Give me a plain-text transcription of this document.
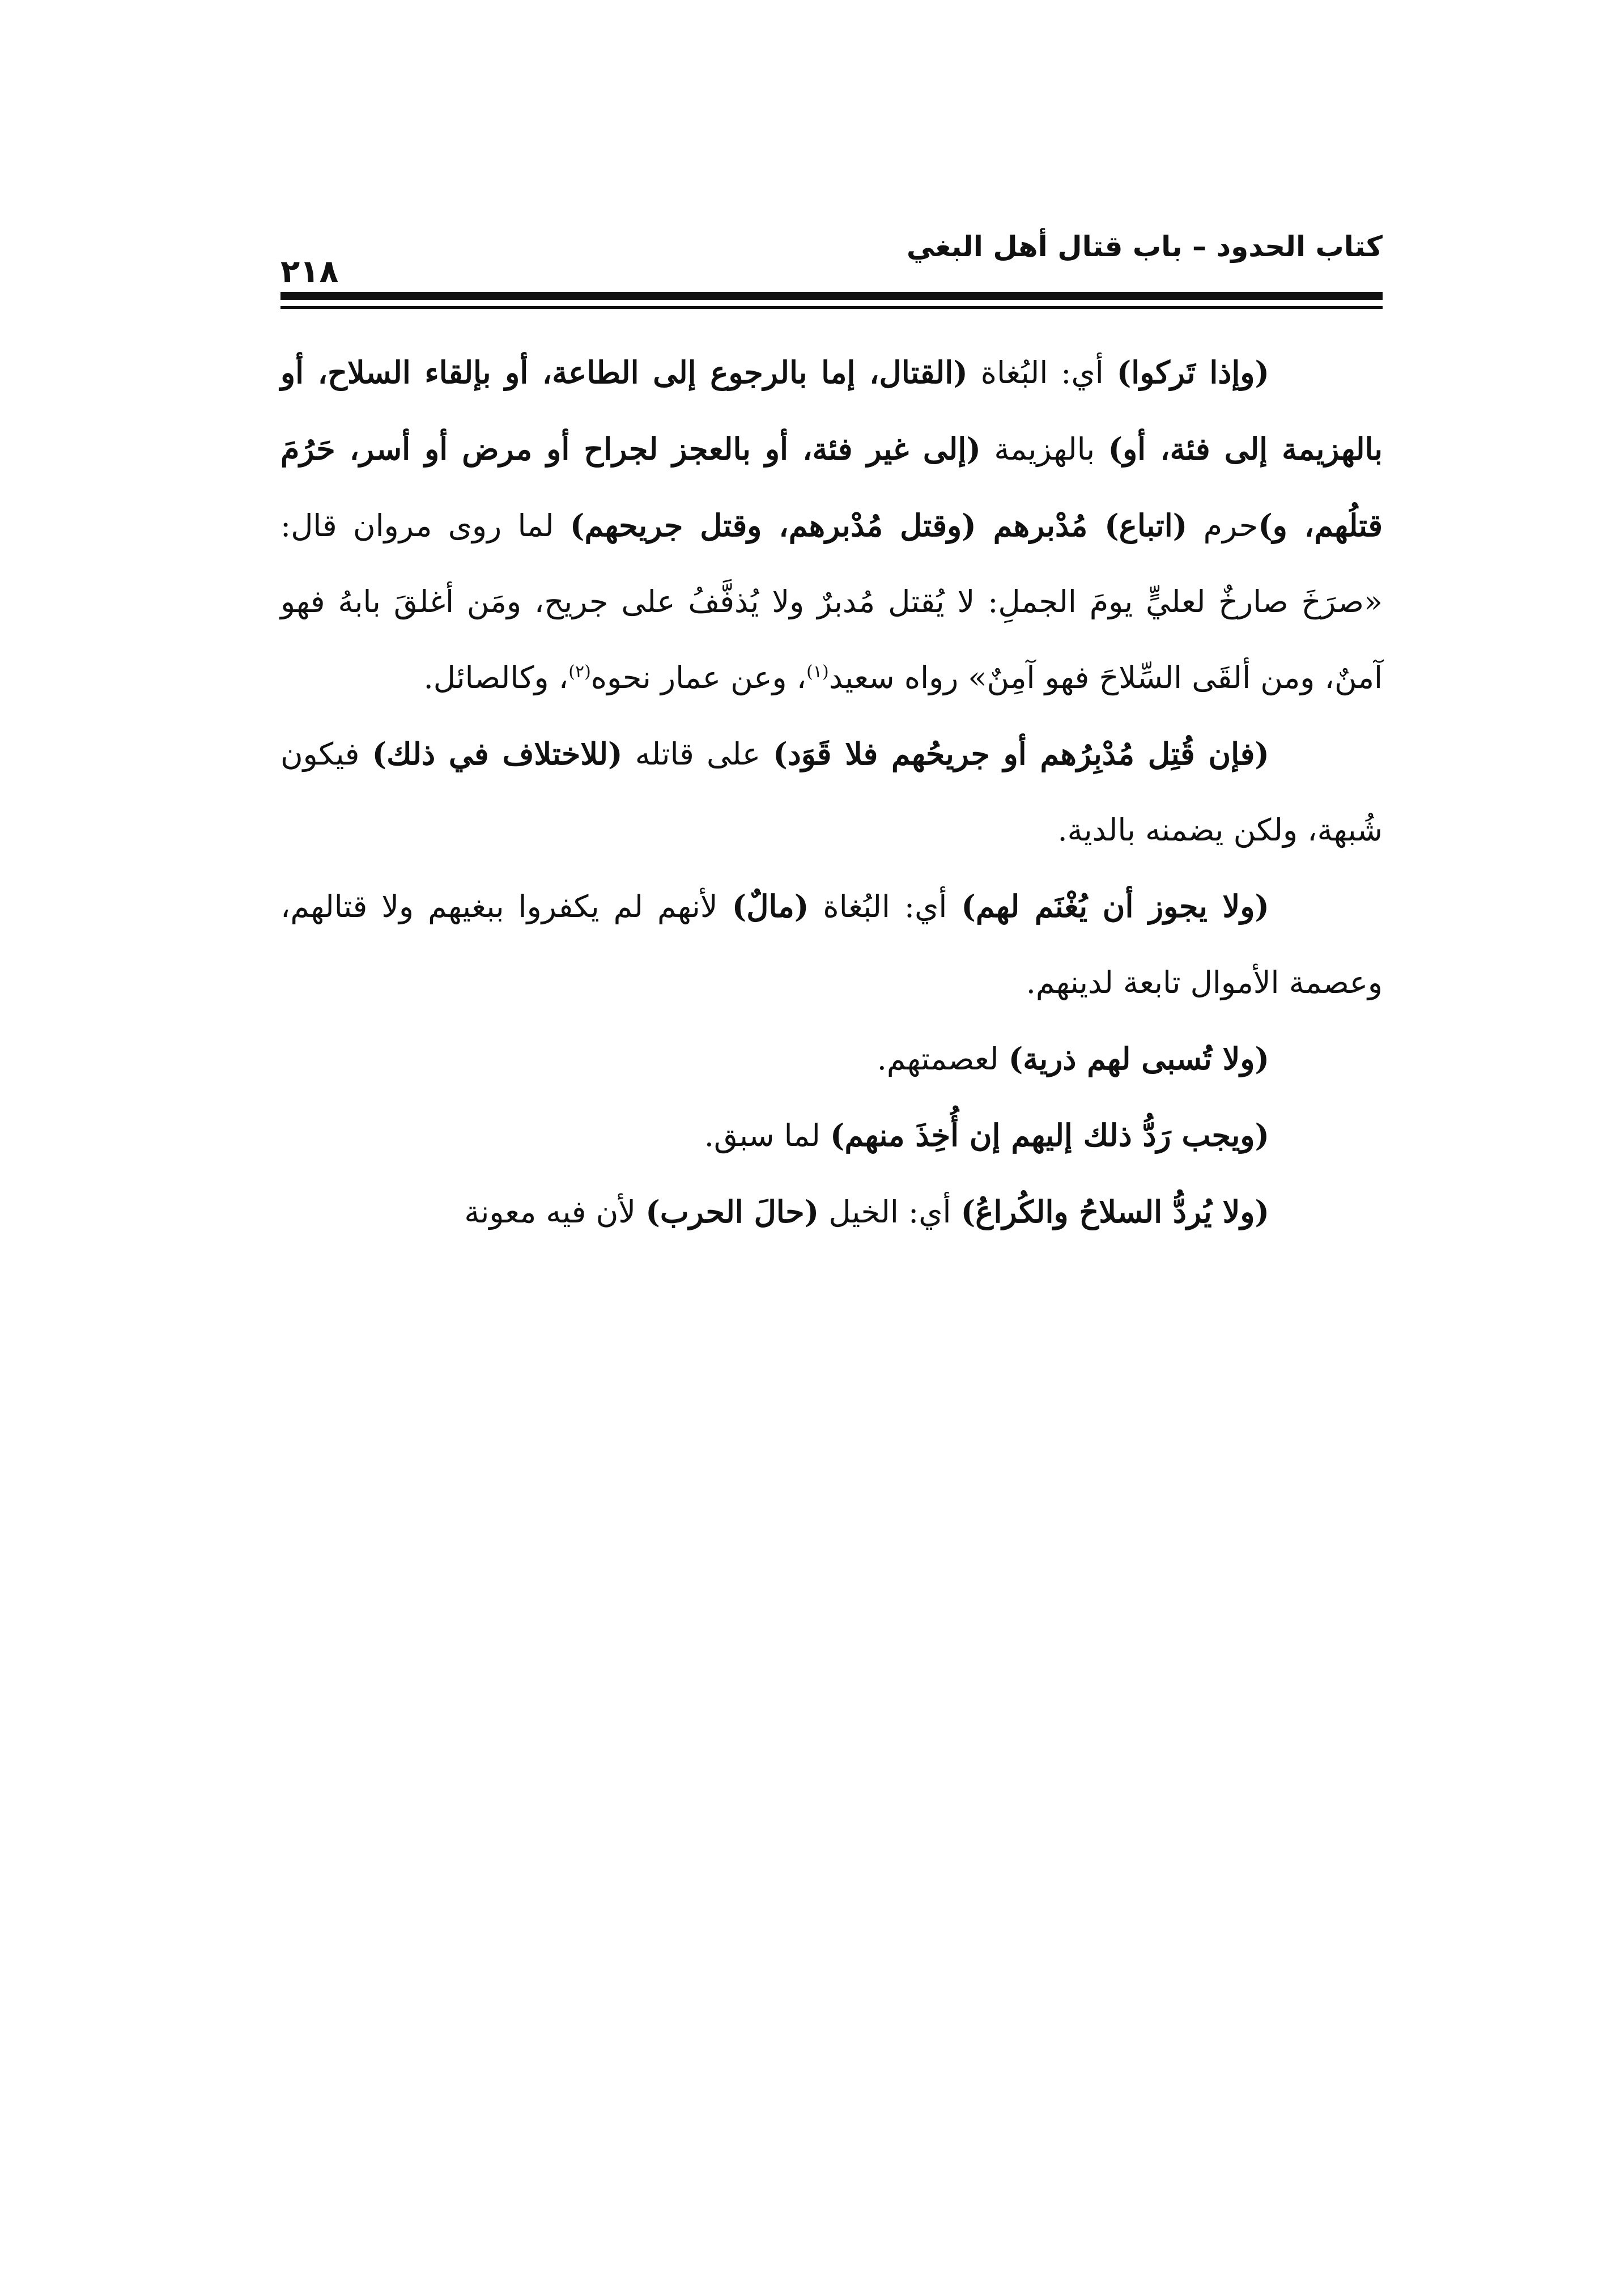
كتاب الحدود – باب قتال أهل البغي
٢١٨

(وإذا تَركوا) أي: البُغاة (القتال، إما بالرجوع إلى الطاعة، أو بإلقاء السلاح، أو بالهزيمة إلى فئة، أو) بالهزيمة (إلى غير فئة، أو بالعجز لجراح أو مرض أو أسر، حَرُمَ قتلُهم، و)حرم (اتباع) مُدْبرهم (وقتل مُدْبرهم، وقتل جريحهم) لما روى مروان قال: «صرَخَ صارخٌ لعليٍّ يومَ الجملِ: لا يُقتل مُدبرٌ ولا يُذفَّفُ على جريح، ومَن أغلقَ بابهُ فهو آمنٌ، ومن ألقَى السِّلاحَ فهو آمِنٌ» رواه سعيد$^{(١)}$، وعن عمار نحوه$^{(٢)}$، وكالصائل.

(فإن قُتِل مُدْبِرُهم أو جريحُهم فلا قَوَد) على قاتله (للاختلاف في ذلك) فيكون شُبهة، ولكن يضمنه بالدية.

(ولا يجوز أن يُغْنَم لهم) أي: البُغاة (مالٌ) لأنهم لم يكفروا ببغيهم ولا قتالهم، وعصمة الأموال تابعة لدينهم.

(ولا تُسبى لهم ذرية) لعصمتهم.

(ويجب رَدُّ ذلك إليهم إن أُخِذَ منهم) لما سبق.

(ولا يُردُّ السلاحُ والكُراعُ) أي: الخيل (حالَ الحرب) لأن فيه معونة
